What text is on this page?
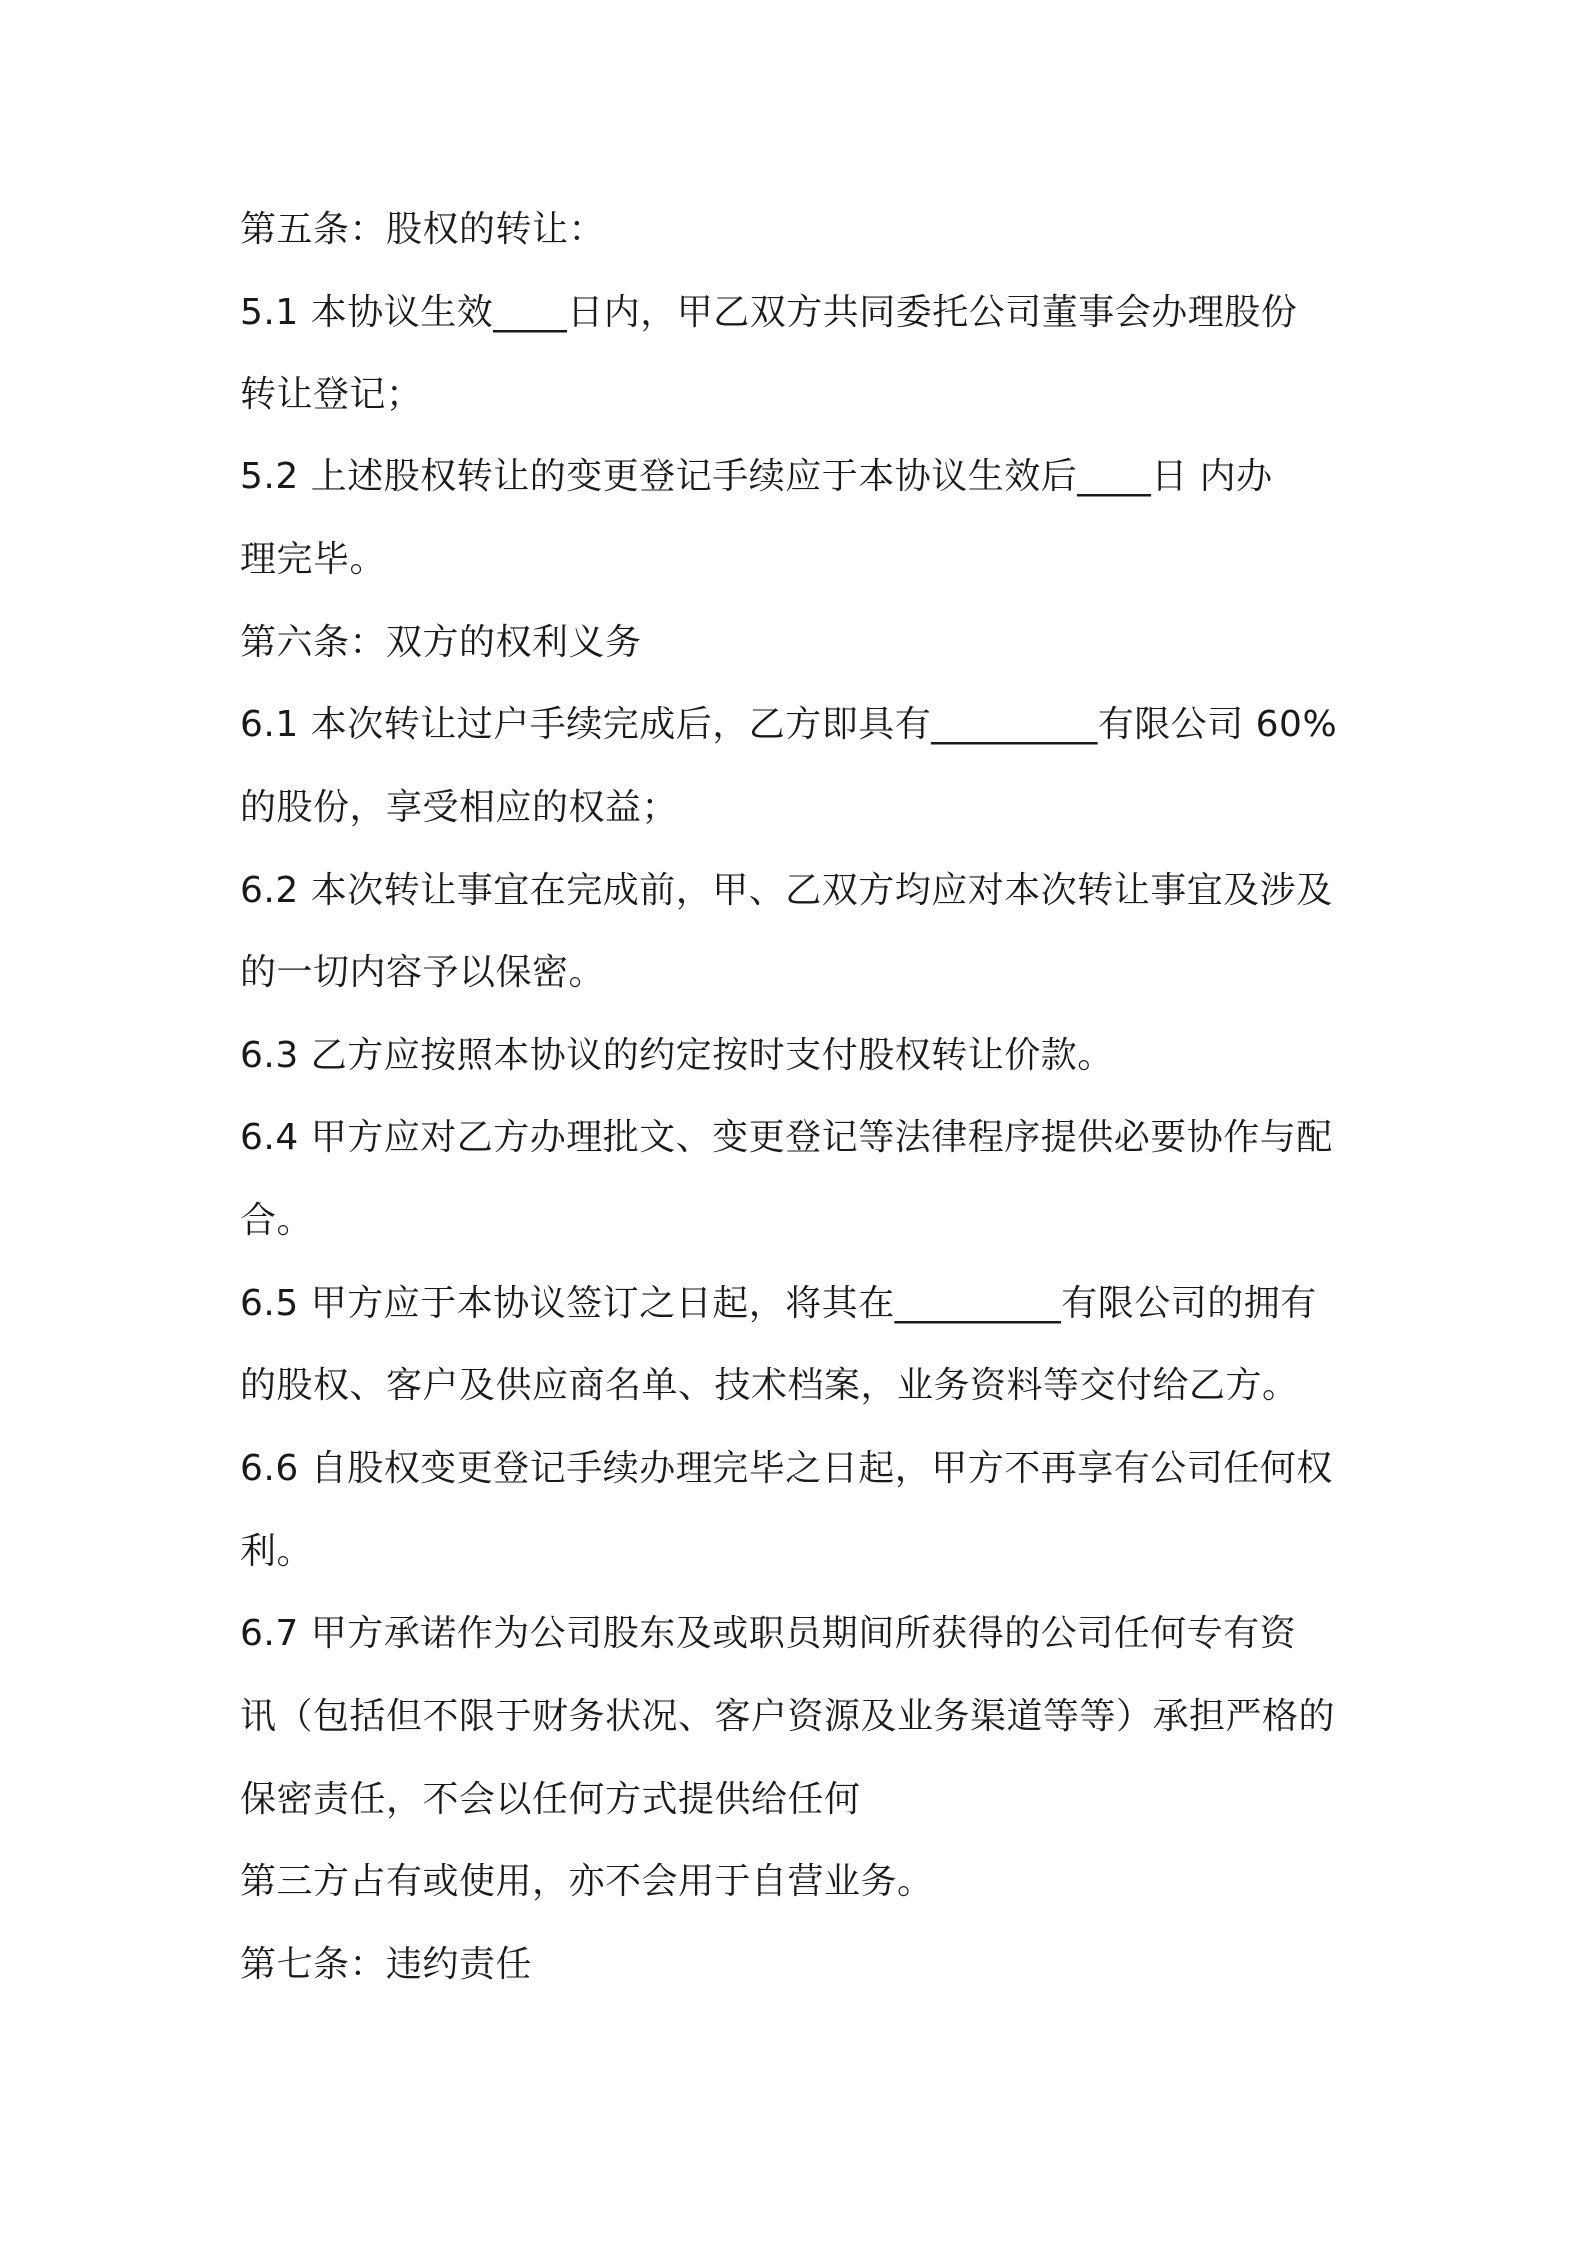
第五条：股权的转让：
5.1 本协议生效____日内，甲乙双方共同委托公司董事会办理股份
转让登记；
5.2 上述股权转让的变更登记手续应于本协议生效后____日 内办
理完毕。
第六条：双方的权利义务
6.1 本次转让过户手续完成后，乙方即具有_________有限公司 60%
的股份，享受相应的权益；
6.2 本次转让事宜在完成前，甲、乙双方均应对本次转让事宜及涉及
的一切内容予以保密。
6.3 乙方应按照本协议的约定按时支付股权转让价款。
6.4 甲方应对乙方办理批文、变更登记等法律程序提供必要协作与配
合。
6.5 甲方应于本协议签订之日起，将其在_________有限公司的拥有
的股权、客户及供应商名单、技术档案，业务资料等交付给乙方。
6.6 自股权变更登记手续办理完毕之日起，甲方不再享有公司任何权
利。
6.7 甲方承诺作为公司股东及或职员期间所获得的公司任何专有资
讯（包括但不限于财务状况、客户资源及业务渠道等等）承担严格的
保密责任，不会以任何方式提供给任何
第三方占有或使用，亦不会用于自营业务。
第七条：违约责任
